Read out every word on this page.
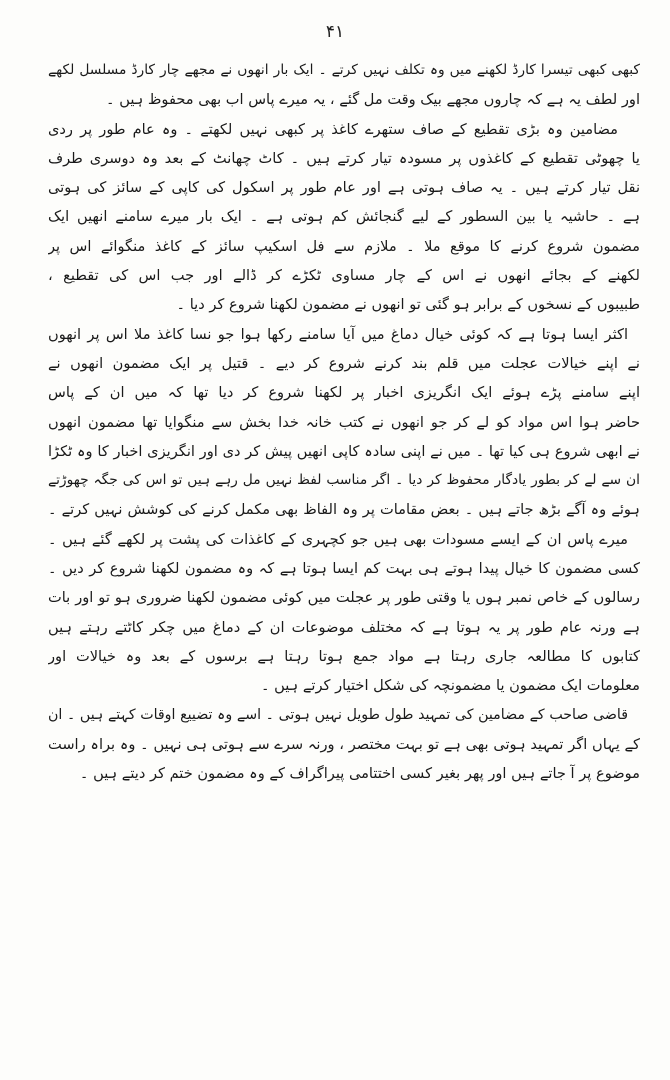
۴۱
کبھی کبھی تیسرا کارڈ لکھنے میں وہ تکلف نہیں کرتے ۔ ایک بار انھوں نے مجھے چار کارڈ مسلسل لکھے
اور لطف یہ ہے کہ چاروں مجھے بیک وقت مل گئے ، یہ میرے پاس اب بھی محفوظ ہیں ۔
مضامین وہ بڑی تقطیع کے صاف ستھرے کاغذ پر کبھی نہیں لکھتے ۔ وہ عام طور پر ردی
یا چھوٹی تقطیع کے کاغذوں پر مسودہ تیار کرتے ہیں ۔ کاٹ چھانٹ کے بعد وہ دوسری طرف
نقل تیار کرتے ہیں ۔ یہ صاف ہوتی ہے اور عام طور پر اسکول کی کاپی کے سائز کی ہوتی
ہے ۔ حاشیہ یا بین السطور کے لیے گنجائش کم ہوتی ہے ۔ ایک بار میرے سامنے انھیں ایک
مضمون شروع کرنے کا موقع ملا ۔ ملازم سے فل اسکیپ سائز کے کاغذ منگوائے اس پر
لکھنے کے بجائے انھوں نے اس کے چار مساوی ٹکڑے کر ڈالے اور جب اس کی تقطیع ،
طبیبوں کے نسخوں کے برابر ہو گئی تو انھوں نے مضمون لکھنا شروع کر دیا ۔
اکثر ایسا ہوتا ہے کہ کوئی خیال دماغ میں آیا سامنے رکھا ہوا جو نسا کاغذ ملا اس پر انھوں
نے اپنے خیالات عجلت میں قلم بند کرنے شروع کر دیے ۔ قتیل پر ایک مضمون انھوں نے
اپنے سامنے پڑے ہوئے ایک انگریزی اخبار پر لکھنا شروع کر دیا تھا کہ میں ان کے پاس
حاضر ہوا اس مواد کو لے کر جو انھوں نے کتب خانہ خدا بخش سے منگوایا تھا مضمون انھوں
نے ابھی شروع ہی کیا تھا ۔ میں نے اپنی سادہ کاپی انھیں پیش کر دی اور انگریزی اخبار کا وہ ٹکڑا
ان سے لے کر بطور یادگار محفوظ کر دیا ۔ اگر مناسب لفظ نہیں مل رہے ہیں تو اس کی جگہ چھوڑتے
ہوئے وہ آگے بڑھ جاتے ہیں ۔ بعض مقامات پر وہ الفاظ بھی مکمل کرنے کی کوشش نہیں کرتے ۔
میرے پاس ان کے ایسے مسودات بھی ہیں جو کچہری کے کاغذات کی پشت پر لکھے گئے ہیں ۔
کسی مضمون کا خیال پیدا ہوتے ہی بہت کم ایسا ہوتا ہے کہ وہ مضمون لکھنا شروع کر دیں ۔
رسالوں کے خاص نمبر ہوں یا وقتی طور پر عجلت میں کوئی مضمون لکھنا ضروری ہو تو اور بات
ہے ورنہ عام طور پر یہ ہوتا ہے کہ مختلف موضوعات ان کے دماغ میں چکر کاٹتے رہتے ہیں
کتابوں کا مطالعہ جاری رہتا ہے مواد جمع ہوتا رہتا ہے برسوں کے بعد وہ خیالات اور
معلومات ایک مضمون یا مضمونچہ کی شکل اختیار کرتے ہیں ۔
قاضی صاحب کے مضامین کی تمہید طول طویل نہیں ہوتی ۔ اسے وہ تضییع اوقات کہتے ہیں ۔ ان
کے یہاں اگر تمہید ہوتی بھی ہے تو بہت مختصر ، ورنہ سرے سے ہوتی ہی نہیں ۔ وہ براہ راست
موضوع پر آ جاتے ہیں اور پھر بغیر کسی اختتامی پیراگراف کے وہ مضمون ختم کر دیتے ہیں ۔
